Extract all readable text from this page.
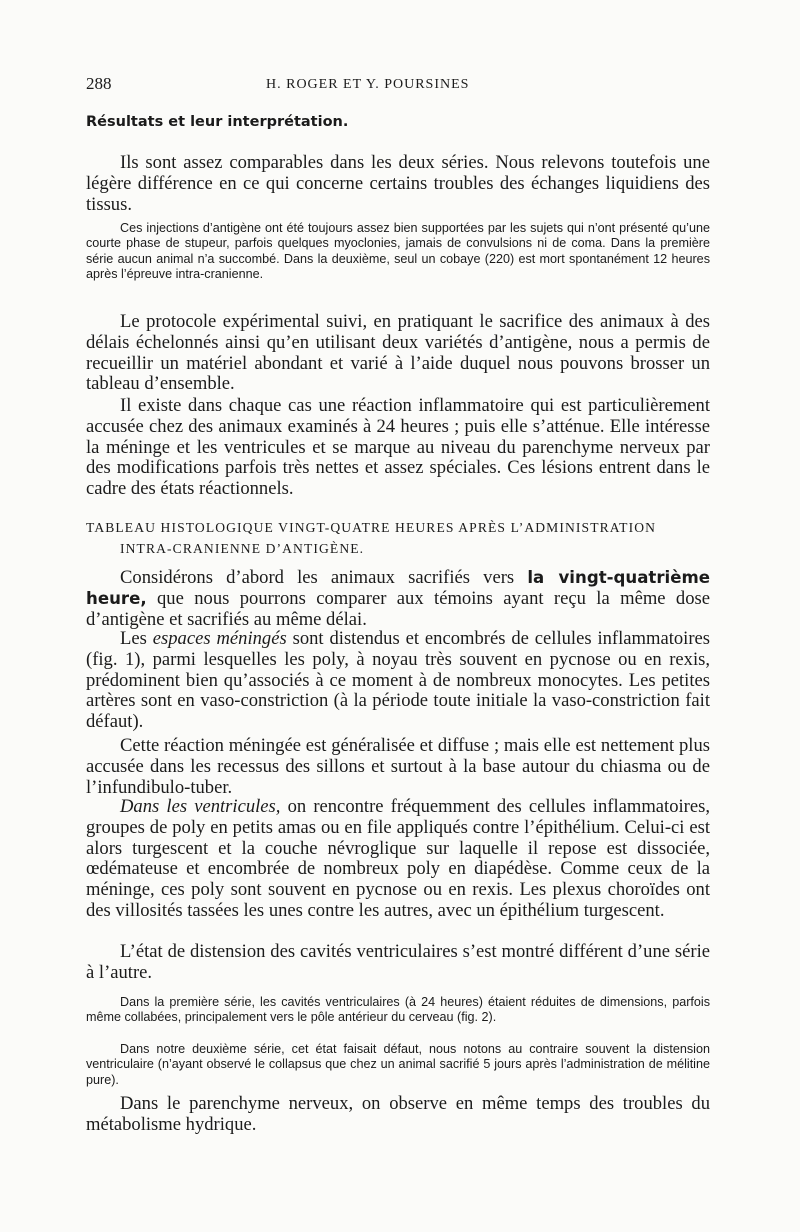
288	H. ROGER ET Y. POURSINES
Résultats et leur interprétation.

Ils sont assez comparables dans les deux séries. Nous relevons toutefois une légère différence en ce qui concerne certains troubles des échanges liquidiens des tissus.

Ces injections d’antigène ont été toujours assez bien supportées par les sujets qui n’ont présenté qu’une courte phase de stupeur, parfois quelques myoclonies, jamais de convulsions ni de coma. Dans la première série aucun animal n’a succombé. Dans la deuxième, seul un cobaye (220) est mort spontanément 12 heures après l’épreuve intra-cranienne.

Le protocole expérimental suivi, en pratiquant le sacrifice des animaux à des délais échelonnés ainsi qu’en utilisant deux variétés d’antigène, nous a permis de recueillir un matériel abondant et varié à l’aide duquel nous pouvons brosser un tableau d’ensemble.

Il existe dans chaque cas une réaction inflammatoire qui est particulièrement accusée chez des animaux examinés à 24 heures ; puis elle s’atténue. Elle intéresse la méninge et les ventricules et se marque au niveau du parenchyme nerveux par des modifications parfois très nettes et assez spéciales. Ces lésions entrent dans le cadre des états réactionnels.

TABLEAU HISTOLOGIQUE VINGT-QUATRE HEURES APRÈS L’ADMINISTRATION
INTRA-CRANIENNE D’ANTIGÈNE.

Considérons d’abord les animaux sacrifiés vers la vingt-quatrième heure, que nous pourrons comparer aux témoins ayant reçu la même dose d’antigène et sacrifiés au même délai.

Les espaces méningés sont distendus et encombrés de cellules inflammatoires (fig. 1), parmi lesquelles les poly, à noyau très souvent en pycnose ou en rexis, prédominent bien qu’associés à ce moment à de nombreux monocytes. Les petites artères sont en vaso-constriction (à la période toute initiale la vaso-constriction fait défaut).

Cette réaction méningée est généralisée et diffuse ; mais elle est nettement plus accusée dans les recessus des sillons et surtout à la base autour du chiasma ou de l’infundibulo-tuber.

Dans les ventricules, on rencontre fréquemment des cellules inflammatoires, groupes de poly en petits amas ou en file appliqués contre l’épithélium. Celui-ci est alors turgescent et la couche névroglique sur laquelle il repose est dissociée, œdémateuse et encombrée de nombreux poly en diapédèse. Comme ceux de la méninge, ces poly sont souvent en pycnose ou en rexis. Les plexus choroïdes ont des villosités tassées les unes contre les autres, avec un épithélium turgescent.

L’état de distension des cavités ventriculaires s’est montré différent d’une série à l’autre.

Dans la première série, les cavités ventriculaires (à 24 heures) étaient réduites de dimensions, parfois même collabées, principalement vers le pôle antérieur du cerveau (fig. 2).

Dans notre deuxième série, cet état faisait défaut, nous notons au contraire souvent la distension ventriculaire (n’ayant observé le collapsus que chez un animal sacrifié 5 jours après l’administration de mélitine pure).

Dans le parenchyme nerveux, on observe en même temps des troubles du métabolisme hydrique.
